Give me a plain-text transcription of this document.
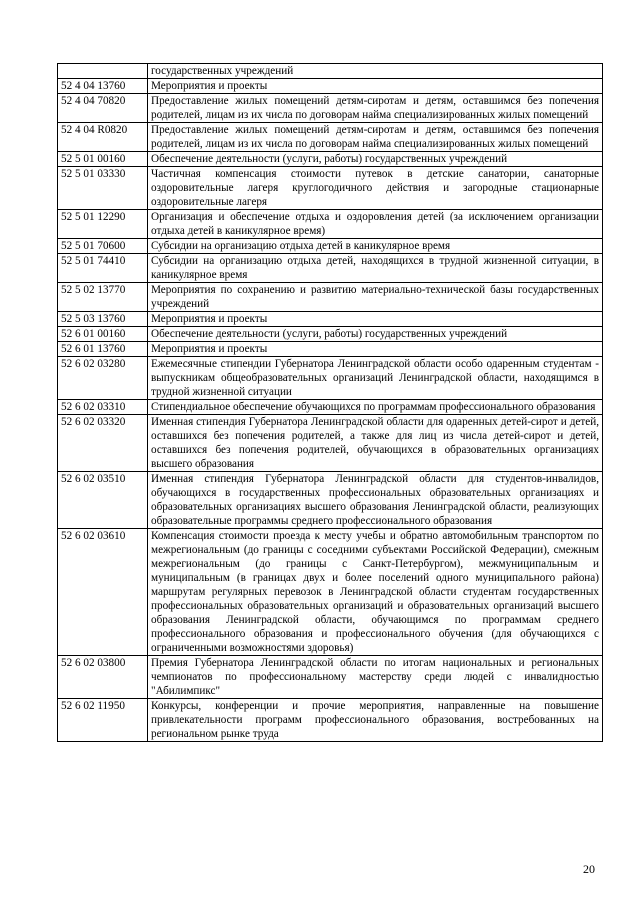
	государственных учреждений
52 4 04 13760	Мероприятия и проекты
52 4 04 70820	Предоставление жилых помещений детям-сиротам и детям, оставшимся без попечения родителей, лицам из их числа по договорам найма специализированных жилых помещений
52 4 04 R0820	Предоставление жилых помещений детям-сиротам и детям, оставшимся без попечения родителей, лицам из их числа по договорам найма специализированных жилых помещений
52 5 01 00160	Обеспечение деятельности (услуги, работы) государственных учреждений
52 5 01 03330	Частичная компенсация стоимости путевок в детские санатории, санаторные оздоровительные лагеря круглогодичного действия и загородные стационарные оздоровительные лагеря
52 5 01 12290	Организация и обеспечение отдыха и оздоровления детей (за исключением организации отдыха детей в каникулярное время)
52 5 01 70600	Субсидии на организацию отдыха детей в каникулярное время
52 5 01 74410	Субсидии на организацию отдыха детей, находящихся в трудной жизненной ситуации, в каникулярное время
52 5 02 13770	Мероприятия по сохранению и развитию материально-технической базы государственных учреждений
52 5 03 13760	Мероприятия и проекты
52 6 01 00160	Обеспечение деятельности (услуги, работы) государственных учреждений
52 6 01 13760	Мероприятия и проекты
52 6 02 03280	Ежемесячные стипендии Губернатора Ленинградской области особо одаренным студентам - выпускникам общеобразовательных организаций Ленинградской области, находящимся в трудной жизненной ситуации
52 6 02 03310	Стипендиальное обеспечение обучающихся по программам профессионального образования
52 6 02 03320	Именная стипендия Губернатора Ленинградской области для одаренных детей-сирот и детей, оставшихся без попечения родителей, а также для лиц из числа детей-сирот и детей, оставшихся без попечения родителей, обучающихся в образовательных организациях высшего образования
52 6 02 03510	Именная стипендия Губернатора Ленинградской области для студентов-инвалидов, обучающихся в государственных профессиональных образовательных организациях и образовательных организациях высшего образования Ленинградской области, реализующих образовательные программы среднего профессионального образования
52 6 02 03610	Компенсация стоимости проезда к месту учебы и обратно автомобильным транспортом по межрегиональным (до границы с соседними субъектами Российской Федерации), смежным межрегиональным (до границы с Санкт-Петербургом), межмуниципальным и муниципальным (в границах двух и более поселений одного муниципального района) маршрутам регулярных перевозок в Ленинградской области студентам государственных профессиональных образовательных организаций и образовательных организаций высшего образования Ленинградской области, обучающимся по программам среднего профессионального образования и профессионального обучения (для обучающихся с ограниченными возможностями здоровья)
52 6 02 03800	Премия Губернатора Ленинградской области по итогам национальных и региональных чемпионатов по профессиональному мастерству среди людей с инвалидностью "Абилимпикс"
52 6 02 11950	Конкурсы, конференции и прочие мероприятия, направленные на повышение привлекательности программ профессионального образования, востребованных на региональном рынке труда
20
